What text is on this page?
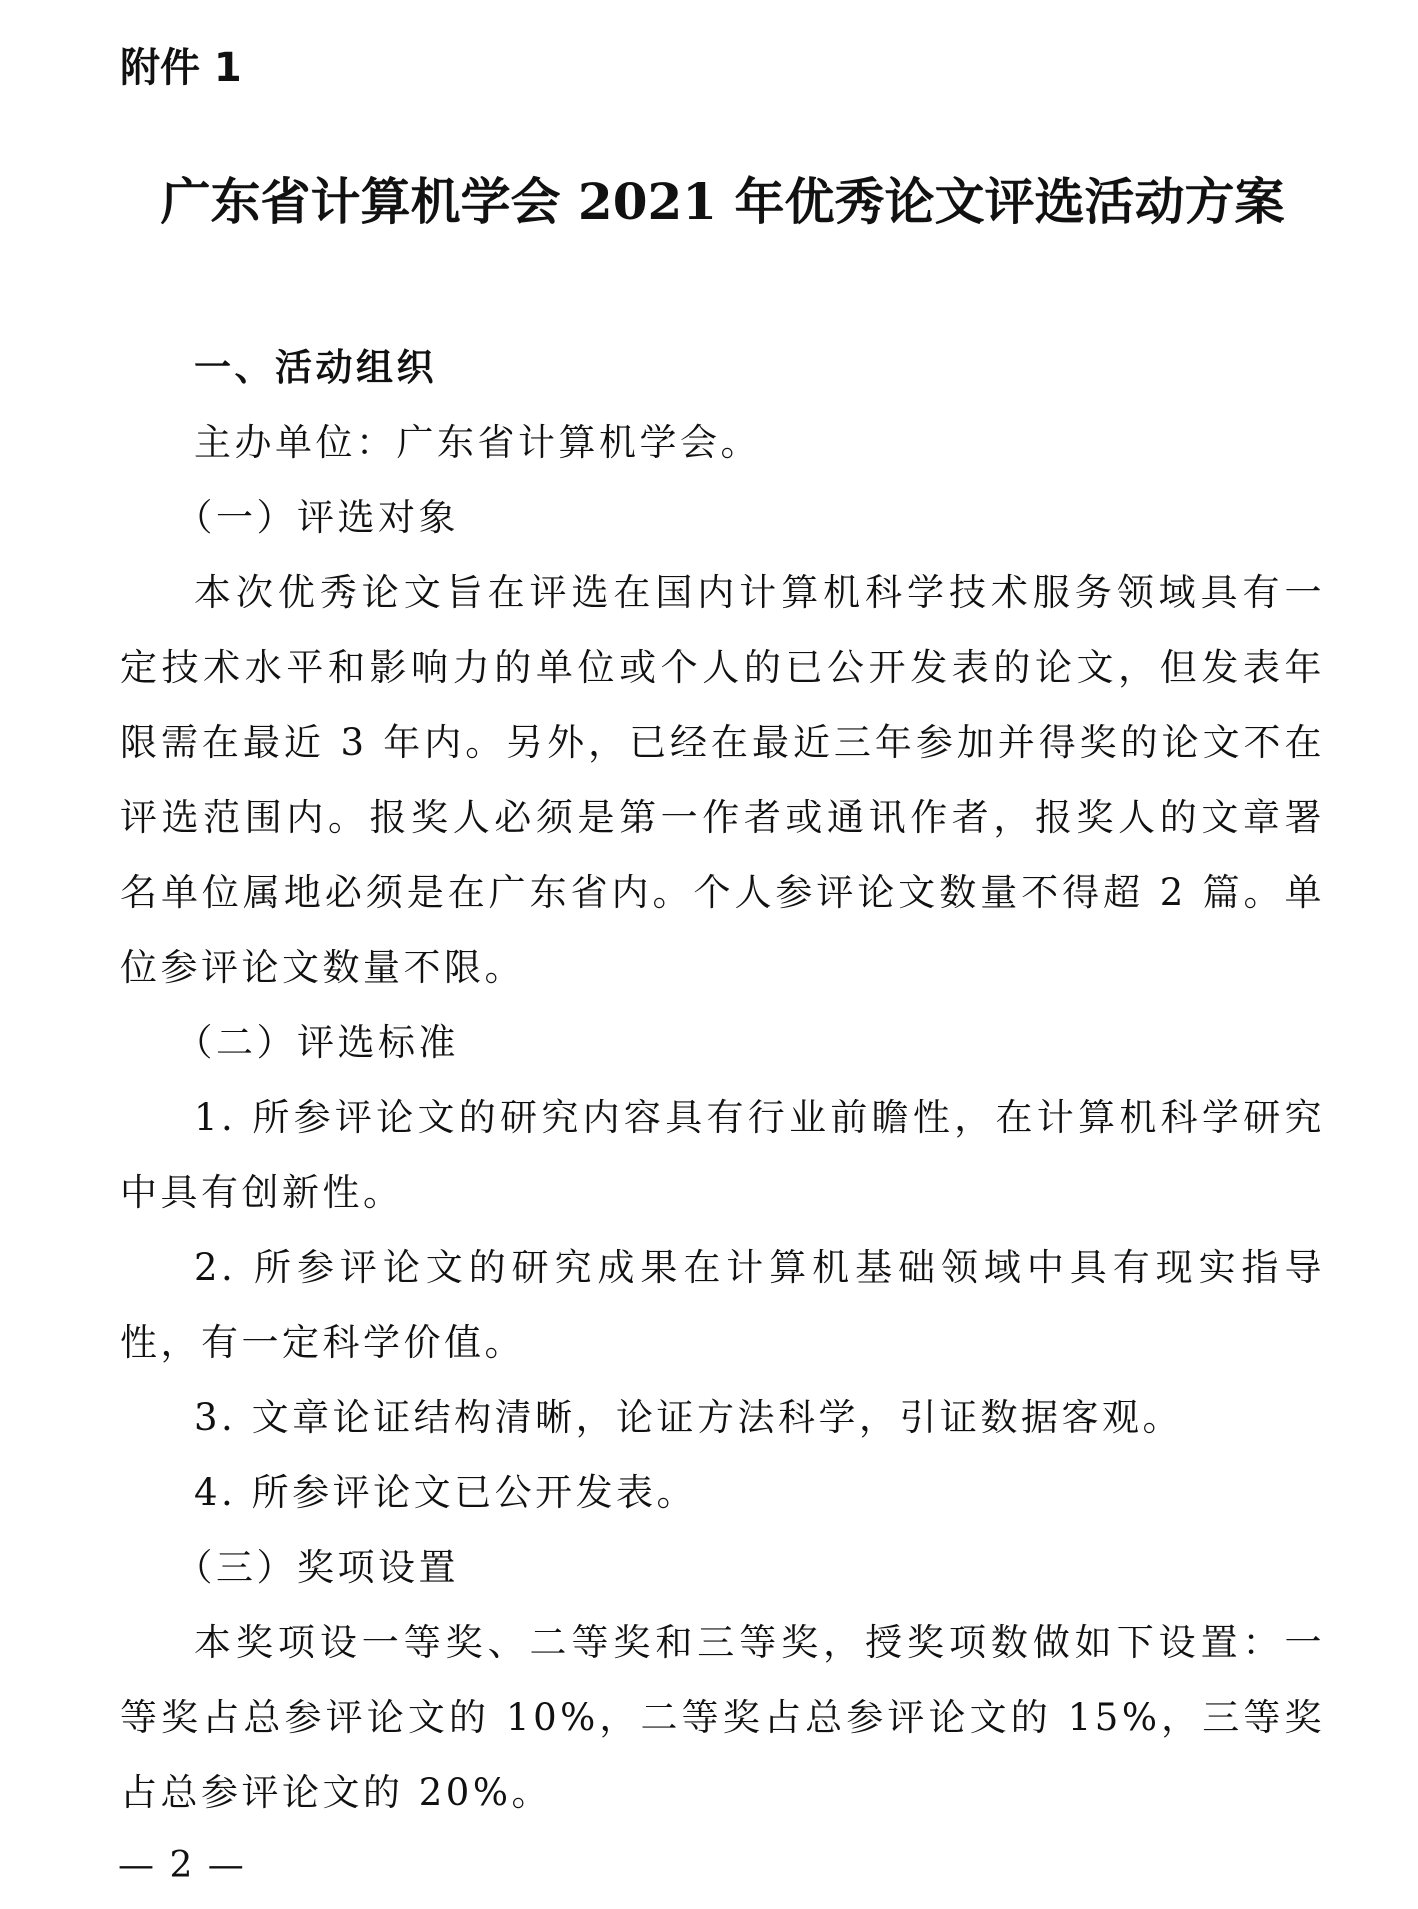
附件 1
广东省计算机学会 2021 年优秀论文评选活动方案

一、活动组织

主办单位：广东省计算机学会。

（一）评选对象

本次优秀论文旨在评选在国内计算机科学技术服务领域具有一定技术水平和影响力的单位或个人的已公开发表的论文，但发表年限需在最近 3 年内。另外，已经在最近三年参加并得奖的论文不在评选范围内。报奖人必须是第一作者或通讯作者，报奖人的文章署名单位属地必须是在广东省内。个人参评论文数量不得超 2 篇。单位参评论文数量不限。

（二）评选标准

1. 所参评论文的研究内容具有行业前瞻性，在计算机科学研究中具有创新性。

2. 所参评论文的研究成果在计算机基础领域中具有现实指导性，有一定科学价值。

3. 文章论证结构清晰，论证方法科学，引证数据客观。

4. 所参评论文已公开发表。

（三）奖项设置

本奖项设一等奖、二等奖和三等奖，授奖项数做如下设置：一等奖占总参评论文的 10%，二等奖占总参评论文的 15%，三等奖占总参评论文的 20%。

— 2 —
